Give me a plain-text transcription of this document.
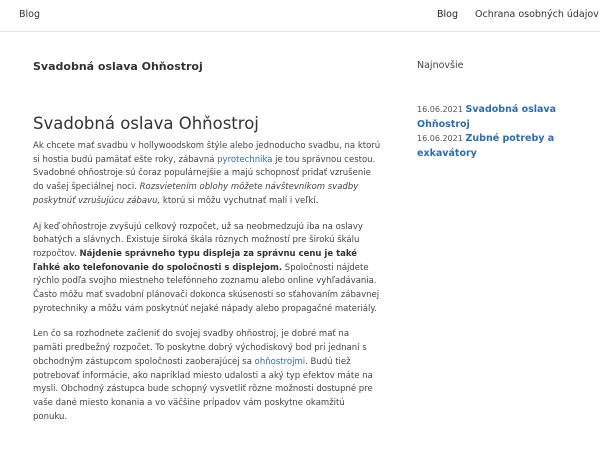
Blog	Blog Ochrana osobných údajov
Svadobná oslava Ohňostroj
Svadobná oslava Ohňostroj

Ak chcete mať svadbu v hollywoodskom štýle alebo jednoducho svadbu, na ktorú si hostia budú pamätať ešte roky, zábavná pyrotechnika je tou správnou cestou. Svadobné ohňostroje sú čoraz populárnejšie a majú schopnosť pridať vzrušenie do vašej špeciálnej noci. Rozsvietením oblohy môžete návštevníkom svadby poskytnúť vzrušujúcu zábavu, ktorú si môžu vychutnať malí i veľkí.

Aj keď ohňostroje zvyšujú celkový rozpočet, už sa neobmedzujú iba na oslavy bohatých a slávnych. Existuje široká škála rôznych možností pre širokú škálu rozpočtov. Nájdenie správneho typu displeja za správnu cenu je také ľahké ako telefonovanie do spoločnosti s displejom. Spoločnosti nájdete rýchlo podľa svojho miestneho telefónneho zoznamu alebo online vyhľadávania. Často môžu mať svadobní plánovači dokonca skúsenosti so sťahovaním zábavnej pyrotechniky a môžu vám poskytnúť nejaké nápady alebo propagačné materiály.

Len čo sa rozhodnete začleniť do svojej svadby ohňostroj, je dobré mať na pamäti predbežný rozpočet. To poskytne dobrý východiskový bod pri jednaní s obchodným zástupcom spoločnosti zaoberajúcej sa ohňostrojmi. Budú tiež potrebovať informácie, ako napríklad miesto udalosti a aký typ efektov máte na mysli. Obchodný zástupca bude schopný vysvetliť rôzne možnosti dostupné pre vaše dané miesto konania a vo väčšine prípadov vám poskytne okamžitú ponuku.

Najnovšie
16.06.2021 Svadobná oslava Ohňostroj
16.06.2021 Zubné potreby a exkavátory
